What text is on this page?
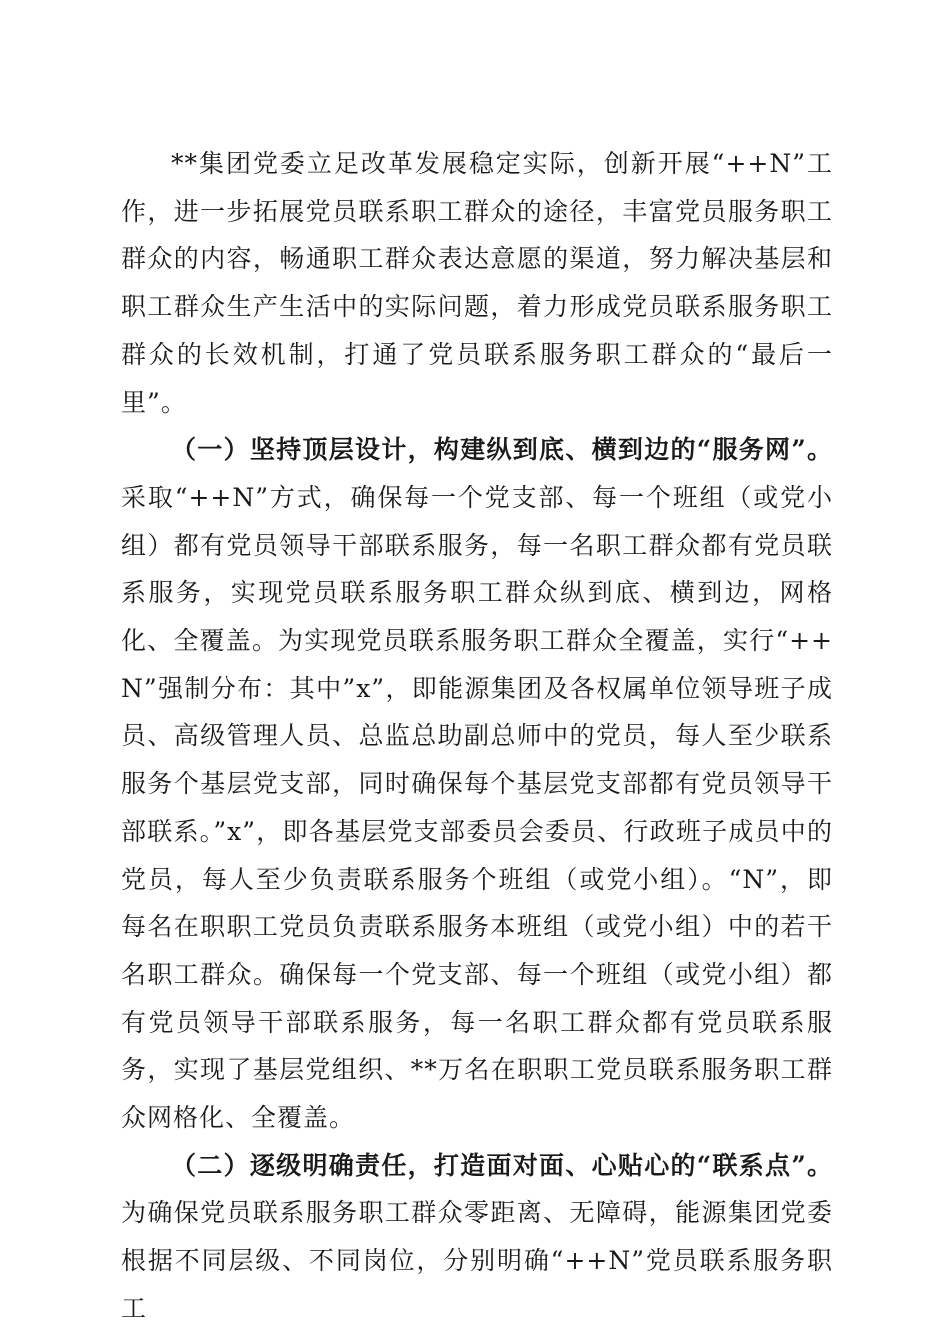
**集团党委立足改革发展稳定实际，创新开展“++N”工作，进一步拓展党员联系职工群众的途径，丰富党员服务职工群众的内容，畅通职工群众表达意愿的渠道，努力解决基层和职工群众生产生活中的实际问题，着力形成党员联系服务职工群众的长效机制，打通了党员联系服务职工群众的“最后一里”。

（一）坚持顶层设计，构建纵到底、横到边的“服务网”。采取“++N”方式，确保每一个党支部、每一个班组（或党小组）都有党员领导干部联系服务，每一名职工群众都有党员联系服务，实现党员联系服务职工群众纵到底、横到边，网格化、全覆盖。为实现党员联系服务职工群众全覆盖，实行“++N”强制分布：其中”x”，即能源集团及各权属单位领导班子成员、高级管理人员、总监总助副总师中的党员，每人至少联系服务个基层党支部，同时确保每个基层党支部都有党员领导干部联系。”x”，即各基层党支部委员会委员、行政班子成员中的党员，每人至少负责联系服务个班组（或党小组）。“N”，即每名在职职工党员负责联系服务本班组（或党小组）中的若干名职工群众。确保每一个党支部、每一个班组（或党小组）都有党员领导干部联系服务，每一名职工群众都有党员联系服务，实现了基层党组织、**万名在职职工党员联系服务职工群众网格化、全覆盖。

（二）逐级明确责任，打造面对面、心贴心的“联系点”。为确保党员联系服务职工群众零距离、无障碍，能源集团党委根据不同层级、不同岗位，分别明确“++N”党员联系服务职工
